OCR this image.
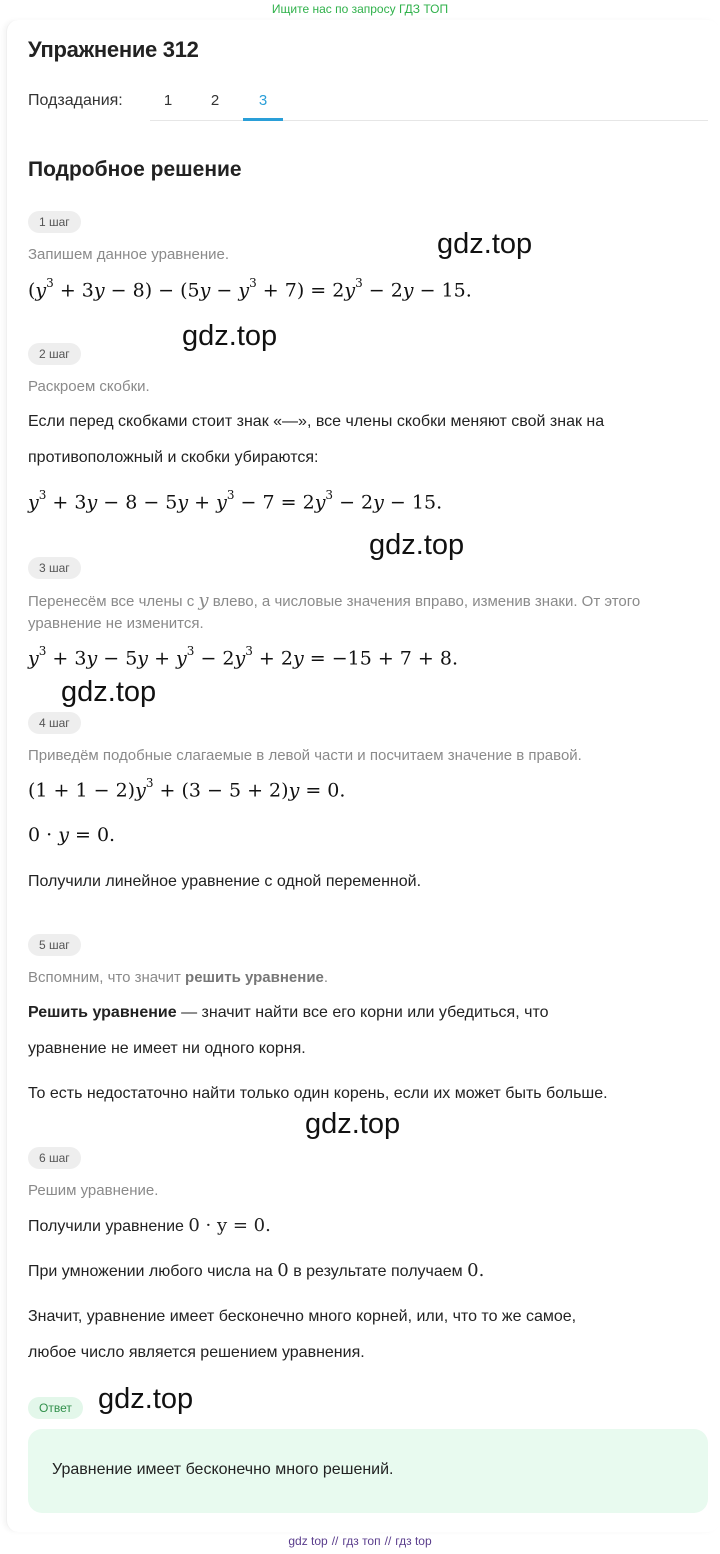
Ищите нас по запросу ГДЗ ТОП
Упражнение 312
Подзадания:	1	2	3
Подробное решение
1 шаг
Запишем данное уравнение.
$(y^3 + 3y - 8) - (5y - y^3 + 7) = 2y^3 - 2y - 15$.
gdz.top
gdz.top
2 шаг
Раскроем скобки.
Если перед скобками стоит знак «—», все члены скобки меняют свой знак на
противоположный и скобки убираются:
$y^3 + 3y - 8 - 5y + y^3 - 7 = 2y^3 - 2y - 15$.
gdz.top
3 шаг
Перенесём все члены с y влево, а числовые значения вправо, изменив знаки. От этого
уравнение не изменится.
$y^3 + 3y - 5y + y^3 - 2y^3 + 2y = -15 + 7 + 8$.
gdz.top
4 шаг
Приведём подобные слагаемые в левой части и посчитаем значение в правой.
$(1 + 1 - 2)y^3 + (3 - 5 + 2)y = 0$.
0 · y = 0.
Получили линейное уравнение с одной переменной.
5 шаг
Вспомним, что значит решить уравнение.
Решить уравнение — значит найти все его корни или убедиться, что
уравнение не имеет ни одного корня.
То есть недостаточно найти только один корень, если их может быть больше.
gdz.top
6 шаг
Решим уравнение.
Получили уравнение 0 · y = 0.
При умножении любого числа на 0 в результате получаем 0.
Значит, уравнение имеет бесконечно много корней, или, что то же самое,
любое число является решением уравнения.
Ответ gdz.top
Уравнение имеет бесконечно много решений.
gdz top // гдз топ // гдз top
